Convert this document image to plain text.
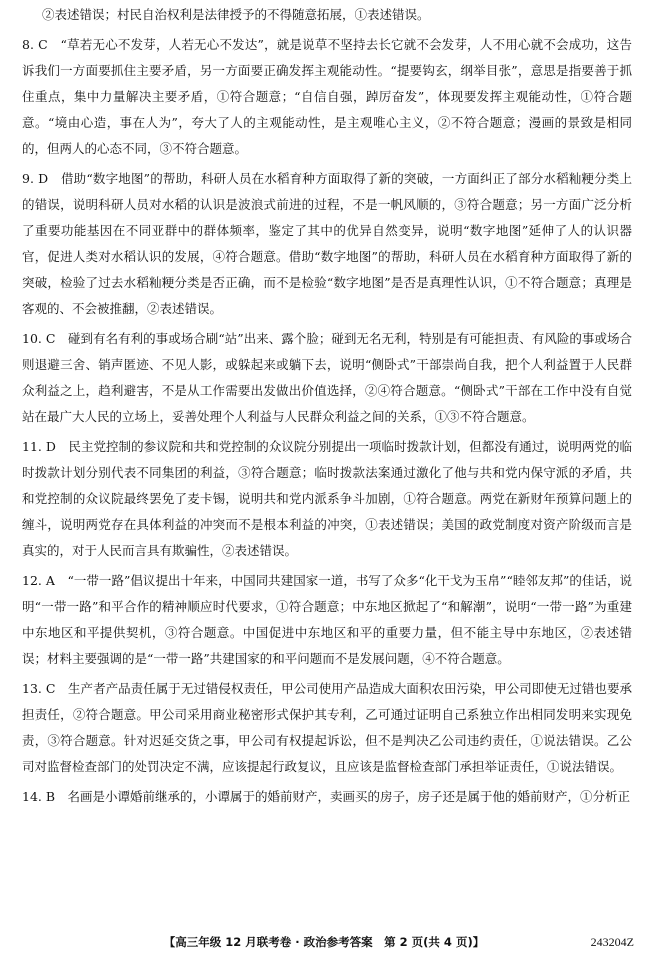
②表述错误；村民自治权利是法律授予的不得随意拓展，①表述错误。

8. C　“草若无心不发芽，人若无心不发达”，就是说草不坚持去长它就不会发芽，人不用心就不会成功，这告诉我们一方面要抓住主要矛盾，另一方面要正确发挥主观能动性。“提要钩玄，纲举目张”，意思是指要善于抓住重点，集中力量解决主要矛盾，①符合题意；“自信自强，踔厉奋发”，体现要发挥主观能动性，①符合题意。“境由心造，事在人为”，夸大了人的主观能动性，是主观唯心主义，②不符合题意；漫画的景致是相同的，但两人的心态不同，③不符合题意。

9. D　借助“数字地图”的帮助，科研人员在水稻育种方面取得了新的突破，一方面纠正了部分水稻籼粳分类上的错误，说明科研人员对水稻的认识是波浪式前进的过程，不是一帆风顺的，③符合题意；另一方面广泛分析了重要功能基因在不同亚群中的群体频率，鉴定了其中的优异自然变异，说明“数字地图”延伸了人的认识器官，促进人类对水稻认识的发展，④符合题意。借助“数字地图”的帮助，科研人员在水稻育种方面取得了新的突破，检验了过去水稻籼粳分类是否正确，而不是检验“数字地图”是否是真理性认识，①不符合题意；真理是客观的、不会被推翻，②表述错误。

10. C　碰到有名有利的事或场合刷“站”出来、露个脸；碰到无名无利，特别是有可能担责、有风险的事或场合则退避三舍、销声匿迹、不见人影，或躲起来或躺下去，说明“侧卧式”干部崇尚自我，把个人利益置于人民群众利益之上，趋利避害，不是从工作需要出发做出价值选择，②④符合题意。“侧卧式”干部在工作中没有自觉站在最广大人民的立场上，妥善处理个人利益与人民群众利益之间的关系，①③不符合题意。

11. D　民主党控制的参议院和共和党控制的众议院分别提出一项临时拨款计划，但都没有通过，说明两党的临时拨款计划分别代表不同集团的利益，③符合题意；临时拨款法案通过激化了他与共和党内保守派的矛盾，共和党控制的众议院最终罢免了麦卡锡，说明共和党内派系争斗加剧，①符合题意。两党在新财年预算问题上的缠斗，说明两党存在具体利益的冲突而不是根本利益的冲突，①表述错误；美国的政党制度对资产阶级而言是真实的，对于人民而言具有欺骗性，②表述错误。

12. A　“一带一路”倡议提出十年来，中国同共建国家一道，书写了众多“化干戈为玉帛”“睦邻友邦”的佳话，说明“一带一路”和平合作的精神顺应时代要求，①符合题意；中东地区掀起了“和解潮”，说明“一带一路”为重建中东地区和平提供契机，③符合题意。中国促进中东地区和平的重要力量，但不能主导中东地区，②表述错误；材料主要强调的是“一带一路”共建国家的和平问题而不是发展问题，④不符合题意。

13. C　生产者产品责任属于无过错侵权责任，甲公司使用产品造成大面积农田污染，甲公司即使无过错也要承担责任，②符合题意。甲公司采用商业秘密形式保护其专利，乙可通过证明自己系独立作出相同发明来实现免责，③符合题意。针对迟延交货之事，甲公司有权提起诉讼，但不是判决乙公司违约责任，①说法错误。乙公司对监督检查部门的处罚决定不满，应该提起行政复议，且应该是监督检查部门承担举证责任，①说法错误。

14. B　名画是小谭婚前继承的，小谭属于的婚前财产，卖画买的房子，房子还是属于他的婚前财产，①分析正

【高三年级 12 月联考卷 · 政治参考答案　第 2 页(共 4 页)】	243204Z
